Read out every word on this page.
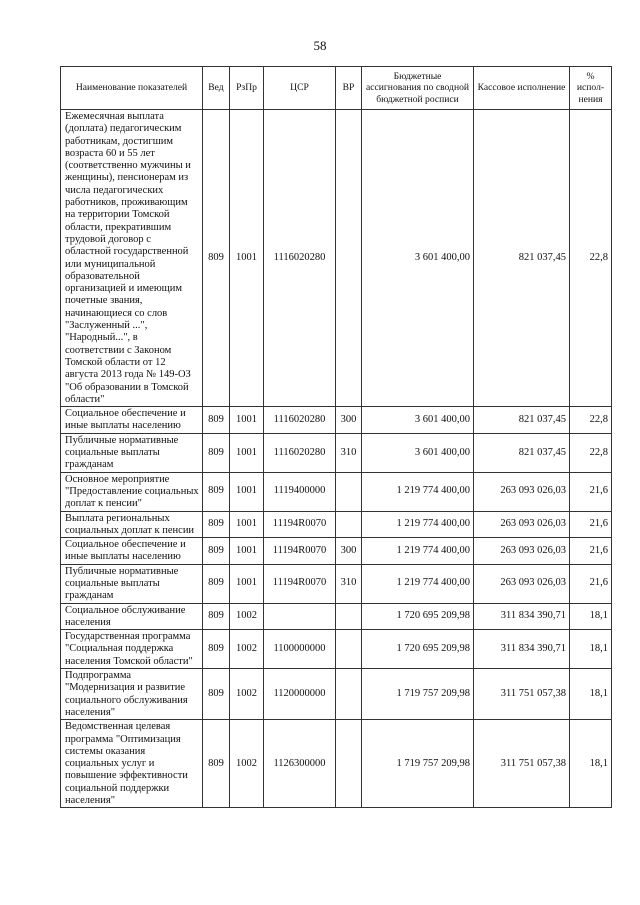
58
Наименование показателей	Вед	РзПр	ЦСР	ВР	Бюджетные ассигнования по сводной бюджетной росписи	Кассовое исполнение	% испол-нения
Ежемесячная выплата (доплата) педагогическим работникам, достигшим возраста 60 и 55 лет (соответственно мужчины и женщины), пенсионерам из числа педагогических работников, проживающим на территории Томской области, прекратившим трудовой договор с областной государственной или муниципальной образовательной организацией и имеющим почетные звания, начинающиеся со слов "Заслуженный ...", "Народный...", в соответствии с Законом Томской области от 12 августа 2013 года № 149-ОЗ "Об образовании в Томской области"	809	1001	1116020280		3 601 400,00	821 037,45	22,8
Социальное обеспечение и иные выплаты населению	809	1001	1116020280	300	3 601 400,00	821 037,45	22,8
Публичные нормативные социальные выплаты гражданам	809	1001	1116020280	310	3 601 400,00	821 037,45	22,8
Основное мероприятие "Предоставление социальных доплат к пенсии"	809	1001	1119400000		1 219 774 400,00	263 093 026,03	21,6
Выплата региональных социальных доплат к пенсии	809	1001	11194R0070		1 219 774 400,00	263 093 026,03	21,6
Социальное обеспечение и иные выплаты населению	809	1001	11194R0070	300	1 219 774 400,00	263 093 026,03	21,6
Публичные нормативные социальные выплаты гражданам	809	1001	11194R0070	310	1 219 774 400,00	263 093 026,03	21,6
Социальное обслуживание населения	809	1002			1 720 695 209,98	311 834 390,71	18,1
Государственная программа "Социальная поддержка населения Томской области"	809	1002	1100000000		1 720 695 209,98	311 834 390,71	18,1
Подпрограмма "Модернизация и развитие социального обслуживания населения"	809	1002	1120000000		1 719 757 209,98	311 751 057,38	18,1
Ведомственная целевая программа "Оптимизация системы оказания социальных услуг и повышение эффективности социальной поддержки населения"	809	1002	1126300000		1 719 757 209,98	311 751 057,38	18,1
